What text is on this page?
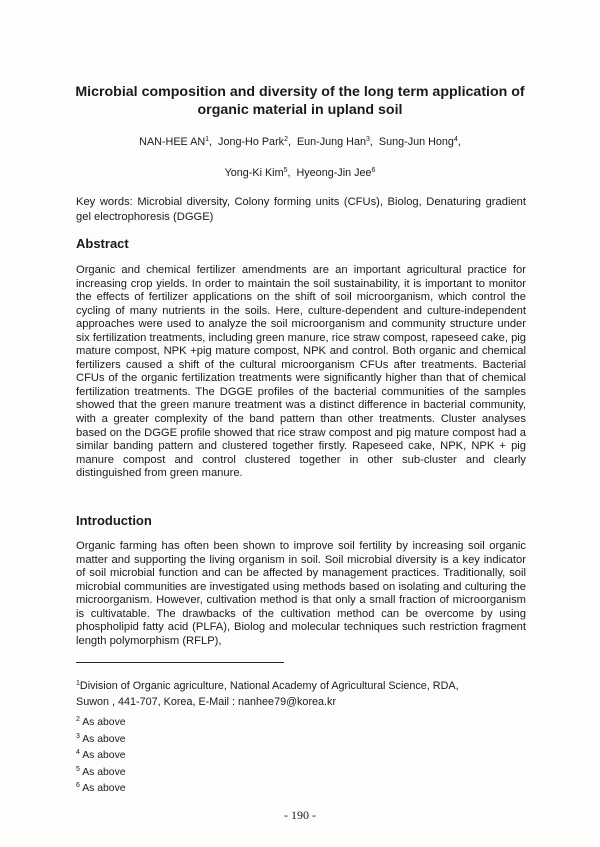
Microbial composition and diversity of the long term application of organic material in upland soil
NAN-HEE $AN^1$,  Jong-Ho Park$^2$,  Eun-Jung Han$^3$,  Sung-Jun Hong$^4$,
Yong-Ki Kim$^5$,  Hyeong-Jin Jee$^6$
Key words: Microbial diversity, Colony forming units (CFUs), Biolog, Denaturing gradient gel electrophoresis (DGGE)
Abstract

Organic and chemical fertilizer amendments are an important agricultural practice for increasing crop yields. In order to maintain the soil sustainability, it is important to monitor the effects of fertilizer applications on the shift of soil microorganism, which control the cycling of many nutrients in the soils. Here, culture-dependent and culture-independent approaches were used to analyze the soil microorganism and community structure under six fertilization treatments, including green manure, rice straw compost, rapeseed cake, pig mature compost, NPK +pig mature compost, NPK and control. Both organic and chemical fertilizers caused a shift of the cultural microorganism CFUs after treatments. Bacterial CFUs of the organic fertilization treatments were significantly higher than that of chemical fertilization treatments. The DGGE profiles of the bacterial communities of the samples showed that the green manure treatment was a distinct difference in bacterial community, with a greater complexity of the band pattern than other treatments. Cluster analyses based on the DGGE profile showed that rice straw compost and pig mature compost had a similar banding pattern and clustered together firstly. Rapeseed cake, NPK, NPK + pig manure compost and control clustered together in other sub-cluster and clearly distinguished from green manure.

Introduction

Organic farming has often been shown to improve soil fertility by increasing soil organic matter and supporting the living organism in soil. Soil microbial diversity is a key indicator of soil microbial function and can be affected by management practices. Traditionally, soil microbial communities are investigated using methods based on isolating and culturing the microorganism. However, cultivation method is that only a small fraction of microorganism is cultivatable. The drawbacks of the cultivation method can be overcome by using phospholipid fatty acid (PLFA), Biolog and molecular techniques such restriction fragment length polymorphism (RFLP),

$^1$Division of Organic agriculture, National Academy of Agricultural Science, RDA,
Suwon , 441-707, Korea, E-Mail : nanhee79@korea.kr
$^2$ As above
$^3$ As above
$^4$ As above
$^5$ As above
$^6$ As above
- 190 -
